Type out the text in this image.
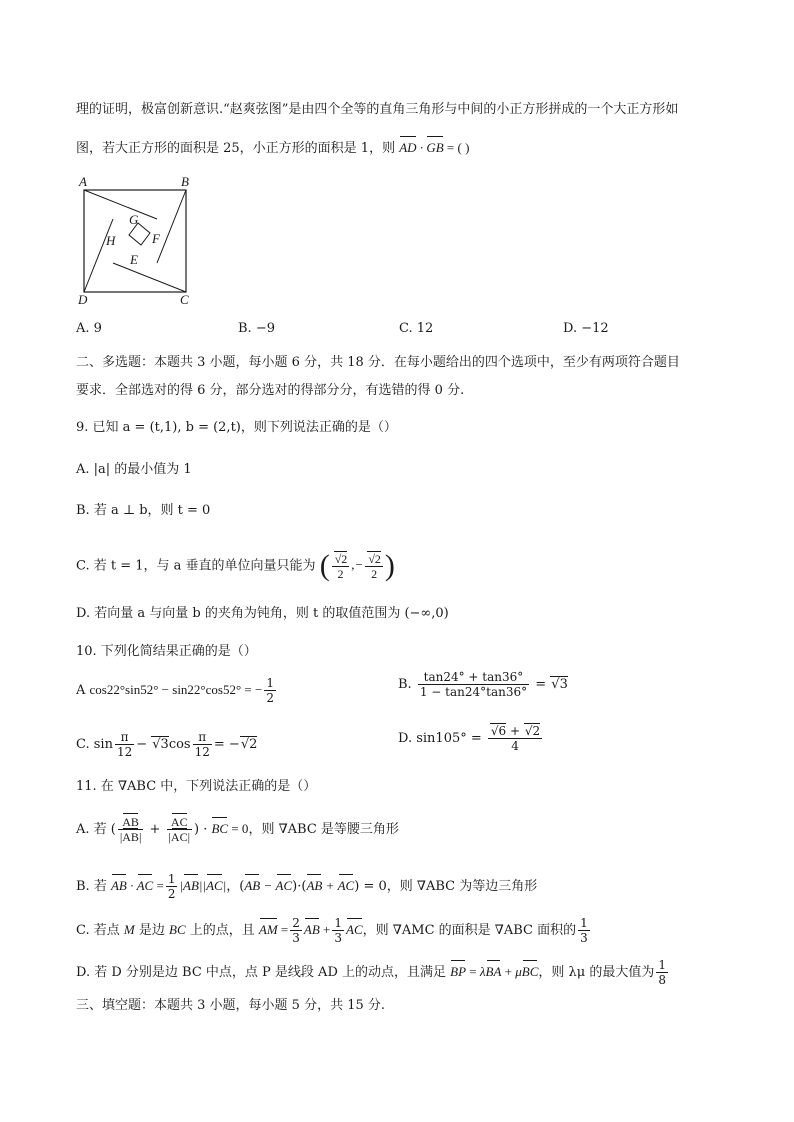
理的证明，极富创新意识.“赵爽弦图”是由四个全等的直角三角形与中间的小正方形拼成的一个大正方形如
图，若大正方形的面积是 25，小正方形的面积是 1，则 AD · GB = ( )
A	B
C
D
G
F
H
E
A. 9	B. −9	C. 12	D. −12
二、多选题：本题共 3 小题，每小题 6 分，共 18 分．在每小题给出的四个选项中，至少有两项符合题目
要求．全部选对的得 6 分，部分选对的得部分分，有选错的得 0 分.
9. 已知 a = (t,1), b = (2,t)，则下列说法正确的是（）
A. |a| 的最小值为 1
B. 若 a ⊥ b，则 t = 0
C. 若 t = 1，与 a 垂直的单位向量只能为 ( $\frac{√2}{2}$ ,− $\frac{√2}{2}$ )
D. 若向量 a 与向量 b 的夹角为钝角，则 t 的取值范围为 (−∞,0)
10. 下列化简结果正确的是（）
A cos22°sin52° − sin22°cos52° = − $\frac{1}{2}$	B. $\frac{\tan 24^\circ + \tan 36^\circ}{1 - \tan 24^\circ\tan 36^\circ} = √3$
C. $\sin \frac{\pi}{12} - √3\cos \frac{\pi}{12} = -√2$	D. $\sin 105^\circ = \frac{√6 + √2}{4}$
11. 在 ∇ABC 中，下列说法正确的是（）
A. 若 ( $\frac{AB}{|AB|} + \frac{AC}{|AC|}$ ) · BC = 0，则 ∇ABC 是等腰三角形
B. 若 AB · AC = $\frac{1}{2} |AB||AC|$，(AB − AC)·(AB + AC) = 0，则 ∇ABC 为等边三角形
C. 若点 M 是边 BC 上的点，且 AM = $\frac{2}{3}$ AB + $\frac{1}{3}$ AC，则 ∇AMC 的面积是 ∇ABC 面积的 $\frac{1}{3}$
D. 若 D 分别是边 BC 中点，点 P 是线段 AD 上的动点，且满足 BP = λBA + μBC，则 λμ 的最大值为 $\frac{1}{8}$
三、填空题：本题共 3 小题，每小题 5 分，共 15 分.
